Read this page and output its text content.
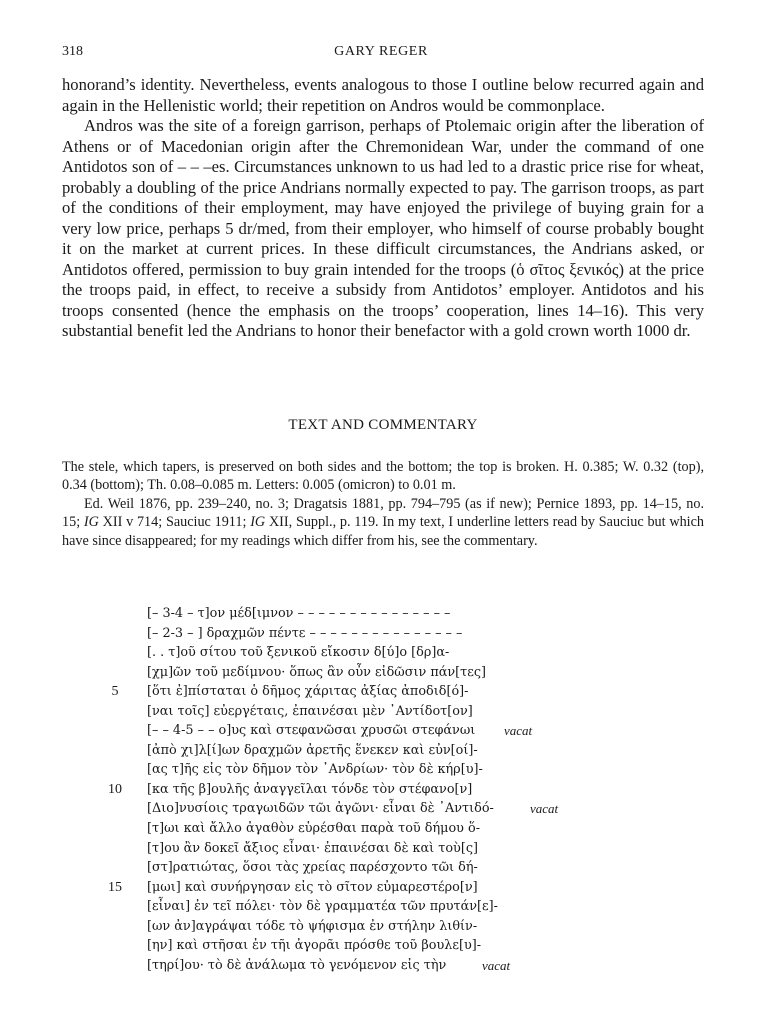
318	GARY REGER

honorand’s identity. Nevertheless, events analogous to those I outline below recurred again and again in the Hellenistic world; their repetition on Andros would be commonplace.

Andros was the site of a foreign garrison, perhaps of Ptolemaic origin after the liberation of Athens or of Macedonian origin after the Chremonidean War, under the command of one Antidotos son of – – –es. Circumstances unknown to us had led to a drastic price rise for wheat, probably a doubling of the price Andrians normally expected to pay. The garrison troops, as part of the conditions of their employment, may have enjoyed the privilege of buying grain for a very low price, perhaps 5 dr/med, from their employer, who himself of course probably bought it on the market at current prices. In these difficult circumstances, the Andrians asked, or Antidotos offered, permission to buy grain intended for the troops (ὁ σῖτος ξενικός) at the price the troops paid, in effect, to receive a subsidy from Antidotos’ employer. Antidotos and his troops consented (hence the emphasis on the troops’ cooperation, lines 14–16). This very substantial benefit led the Andrians to honor their benefactor with a gold crown worth 1000 dr.

TEXT AND COMMENTARY

The stele, which tapers, is preserved on both sides and the bottom; the top is broken. H. 0.385; W. 0.32 (top), 0.34 (bottom); Th. 0.08–0.085 m. Letters: 0.005 (omicron) to 0.01 m.

Ed. Weil 1876, pp. 239–240, no. 3; Dragatsis 1881, pp. 794–795 (as if new); Pernice 1893, pp. 14–15, no. 15; IG XII v 714; Sauciuc 1911; IG XII, Suppl., p. 119. In my text, I underline letters read by Sauciuc but which have since disappeared; for my readings which differ from his, see the commentary.

[– 3-4 – τ]ον μέδ[ιμνον – – – – – – – – – – – – – – –
[– 2-3 – ] δραχμῶν πέντε – – – – – – – – – – – – – – –
[. . τ]οῦ σίτου τοῦ ξενικοῦ εἴκοσιν δ[ύ]ο [δρ]α-
[χμ]ῶν τοῦ μεδίμνου· ὅπως ἂν οὖν εἰδῶσιν πάν[τες]
5	[ὅτι ἐ]πίσταται ὁ δῆμος χάριτας ἀξίας ἀποδιδ[ό]-
[ναι τοῖς] εὐεργέταις, ἐπαινέσαι μὲν ᾿Αντίδοτ[ον]
[– – 4-5 – – ο]υς καὶ στεφανῶσαι χρυσῶι στεφάνωι vacat
[ἀπὸ χι]λ[ί]ων δραχμῶν ἀρετῆς ἕνεκεν καὶ εὐν[οί]-
[ας τ]ῆς εἰς τὸν δῆμον τὸν ᾿Ανδρίων· τὸν δὲ κήρ[υ]-
10	[κα τῆς β]ουλῆς ἀναγγεῖλαι τόνδε τὸν στέφανο[ν]
[Διο]νυσίοις τραγωιδῶν τῶι ἀγῶνι· εἶναι δὲ ᾿Αντιδό-	vacat
[τ]ωι καὶ ἄλλο ἀγαθὸν εὑρέσθαι παρὰ τοῦ δήμου ὅ-
[τ]ου ἂν δοκεῖ ἄξιος εἶναι· ἐπαινέσαι δὲ καὶ τοὺ[ς]
[στ]ρατιώτας, ὅσοι τὰς χρείας παρέσχοντο τῶι δή-
15	[μωι] καὶ συνήργησαν εἰς τὸ σῖτον εὐμαρεστέρο[ν]
[εἶναι] ἐν τεῖ πόλει· τὸν δὲ γραμματέα τῶν πρυτάν[ε]-
[ων ἀν]αγράψαι τόδε τὸ ψήφισμα ἐν στήλην λιθίν-
[ην] καὶ στῆσαι ἐν τῆι ἀγορᾶι πρόσθε τοῦ βουλε[υ]-
[τηρί]ου· τὸ δὲ ἀνάλωμα τὸ γενόμενον εἰς τὴν	vacat
